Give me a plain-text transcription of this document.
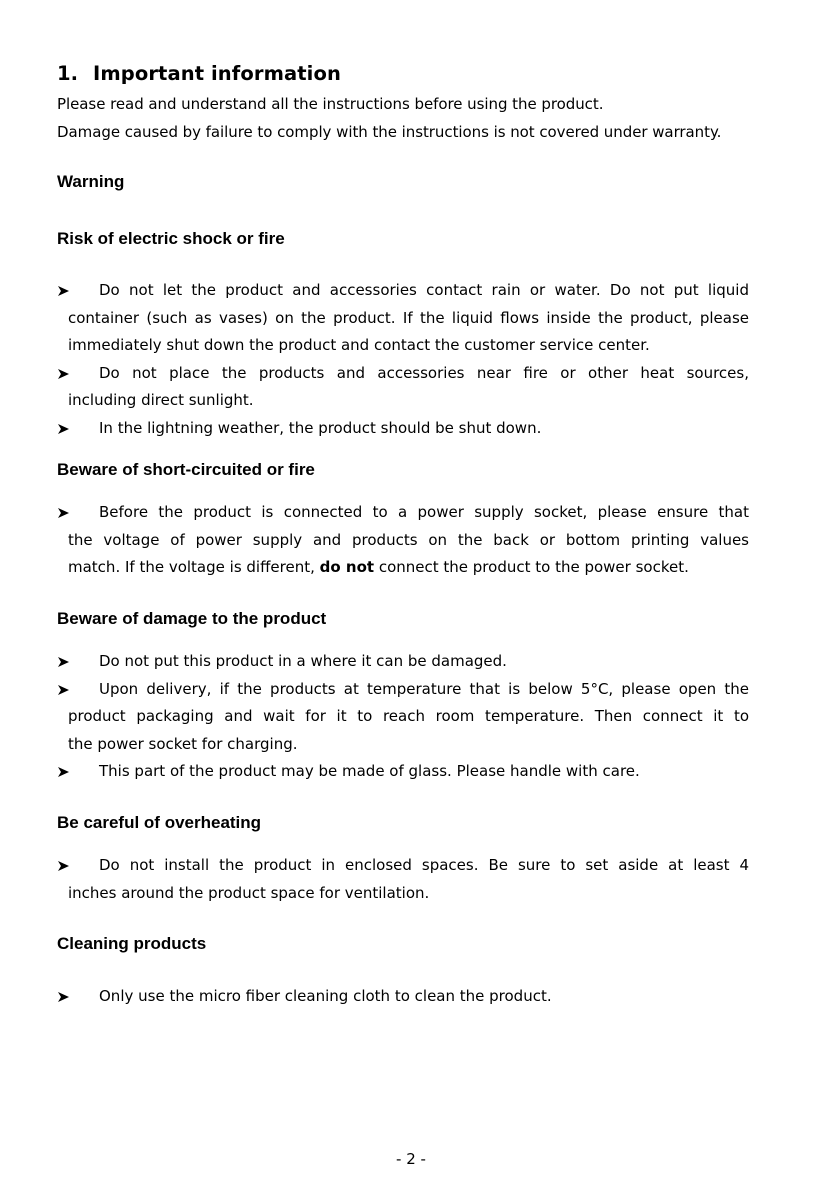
1. Important information
Please read and understand all the instructions before using the product.
Damage caused by failure to comply with the instructions is not covered under warranty.
Warning
Risk of electric shock or fire
Do not let the product and accessories contact rain or water. Do not put liquid
container (such as vases) on the product. If the liquid flows inside the product, please
immediately shut down the product and contact the customer service center.
Do not place the products and accessories near fire or other heat sources,
including direct sunlight.
In the lightning weather, the product should be shut down.
Beware of short-circuited or fire
Before the product is connected to a power supply socket, please ensure that
the voltage of power supply and products on the back or bottom printing values
match. If the voltage is different, do not connect the product to the power socket.
Beware of damage to the product
Do not put this product in a where it can be damaged.
Upon delivery, if the products at temperature that is below 5°C, please open the
product packaging and wait for it to reach room temperature. Then connect it to
the power socket for charging.
This part of the product may be made of glass. Please handle with care.
Be careful of overheating
Do not install the product in enclosed spaces. Be sure to set aside at least 4
inches around the product space for ventilation.
Cleaning products
Only use the micro fiber cleaning cloth to clean the product.
- 2 -
